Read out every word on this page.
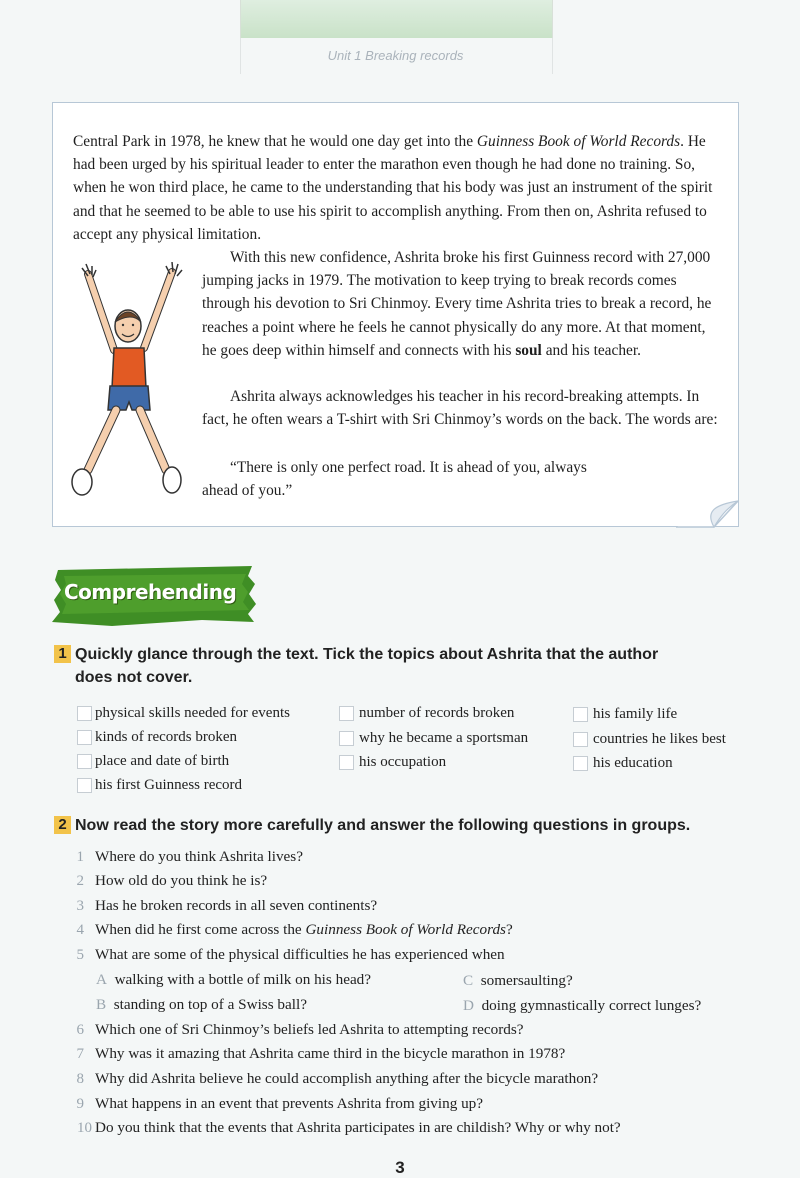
Unit 1 Breaking records

Central Park in 1978, he knew that he would one day get into the Guinness Book of World Records. He had been urged by his spiritual leader to enter the marathon even though he had done no training. So, when he won third place, he came to the understanding that his body was just an instrument of the spirit and that he seemed to be able to use his spirit to accomplish anything. From then on, Ashrita refused to accept any physical limitation.

With this new confidence, Ashrita broke his first Guinness record with 27,000 jumping jacks in 1979. The motivation to keep trying to break records comes through his devotion to Sri Chinmoy. Every time Ashrita tries to break a record, he reaches a point where he feels he cannot physically do any more. At that moment, he goes deep within himself and connects with his soul and his teacher.

Ashrita always acknowledges his teacher in his record-breaking attempts. In fact, he often wears a T-shirt with Sri Chinmoy’s words on the back. The words are:

“There is only one perfect road. It is ahead of you, always
ahead of you.”

Comprehending
1 Quickly glance through the text. Tick the topics about Ashrita that the author
does not cover.

physical skills needed for events
kinds of records broken
place and date of birth
his first Guinness record
number of records broken
why he became a sportsman
his occupation
his family life
countries he likes best
his education
2 Now read the story more carefully and answer the following questions in groups.

1 Where do you think Ashrita lives?
2 How old do you think he is?
3 Has he broken records in all seven continents?
4 When did he first come across the Guinness Book of World Records?
5 What are some of the physical difficulties he has experienced when
A walking with a bottle of milk on his head?	C somersaulting?
B standing on top of a Swiss ball?	D doing gymnastically correct lunges?
6 Which one of Sri Chinmoy’s beliefs led Ashrita to attempting records?
7 Why was it amazing that Ashrita came third in the bicycle marathon in 1978?
8 Why did Ashrita believe he could accomplish anything after the bicycle marathon?
9 What happens in an event that prevents Ashrita from giving up?
10 Do you think that the events that Ashrita participates in are childish? Why or why not?
3
